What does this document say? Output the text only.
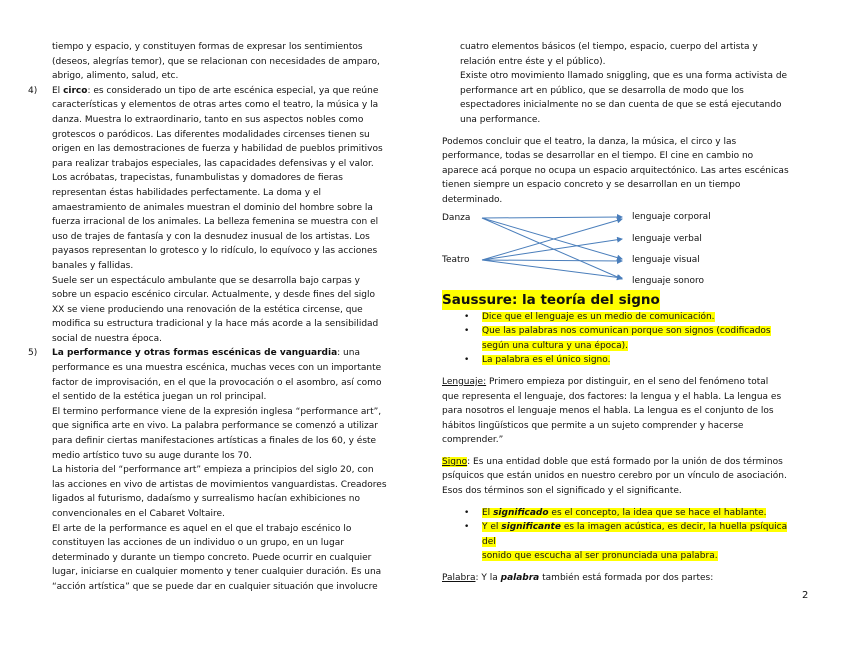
tiempo y espacio, y constituyen formas de expresar los sentimientos

(deseos, alegrías temor), que se relacionan con necesidades de amparo,

abrigo, alimento, salud, etc.

4) El circo: es considerado un tipo de arte escénica especial, ya que reúne

características y elementos de otras artes como el teatro, la música y la

danza. Muestra lo extraordinario, tanto en sus aspectos nobles como

grotescos o paródicos. Las diferentes modalidades circenses tienen su

origen en las demostraciones de fuerza y habilidad de pueblos primitivos

para realizar trabajos especiales, las capacidades defensivas y el valor.

Los acróbatas, trapecistas, funambulistas y domadores de fieras

representan éstas habilidades perfectamente. La doma y el

amaestramiento de animales muestran el dominio del hombre sobre la

fuerza irracional de los animales. La belleza femenina se muestra con el

uso de trajes de fantasía y con la desnudez inusual de los artistas. Los

payasos representan lo grotesco y lo ridículo, lo equívoco y las acciones

banales y fallidas.

Suele ser un espectáculo ambulante que se desarrolla bajo carpas y

sobre un espacio escénico circular. Actualmente, y desde fines del siglo

XX se viene produciendo una renovación de la estética circense, que

modifica su estructura tradicional y la hace más acorde a la sensibilidad

social de nuestra época.

5) La performance y otras formas escénicas de vanguardia: una

performance es una muestra escénica, muchas veces con un importante

factor de improvisación, en el que la provocación o el asombro, así como

el sentido de la estética juegan un rol principal.

El termino performance viene de la expresión inglesa “performance art”,

que significa arte en vivo. La palabra performance se comenzó a utilizar

para definir ciertas manifestaciones artísticas a finales de los 60, y éste

medio artístico tuvo su auge durante los 70.

La historia del “performance art” empieza a principios del siglo 20, con

las acciones en vivo de artistas de movimientos vanguardistas. Creadores

ligados al futurismo, dadaísmo y surrealismo hacían exhibiciones no

convencionales en el Cabaret Voltaire.

El arte de la performance es aquel en el que el trabajo escénico lo

constituyen las acciones de un individuo o un grupo, en un lugar

determinado y durante un tiempo concreto. Puede ocurrir en cualquier

lugar, iniciarse en cualquier momento y tener cualquier duración. Es una

“acción artística” que se puede dar en cualquier situación que involucre

cuatro elementos básicos (el tiempo, espacio, cuerpo del artista y

relación entre éste y el público).

Existe otro movimiento llamado sniggling, que es una forma activista de

performance art en público, que se desarrolla de modo que los

espectadores inicialmente no se dan cuenta de que se está ejecutando

una performance.

Podemos concluir que el teatro, la danza, la música, el circo y las

performance, todas se desarrollar en el tiempo. El cine en cambio no

aparece acá porque no ocupa un espacio arquitectónico. Las artes escénicas

tienen siempre un espacio concreto y se desarrollan en un tiempo

determinado.

Danza
Teatro
lenguaje corporal
lenguaje verbal
lenguaje visual
lenguaje sonoro
Saussure: la teoría del signo
• Dice que el lenguaje es un medio de comunicación.
• Que las palabras nos comunican porque son signos (codificados
según una cultura y una época).
• La palabra es el único signo.

Lenguaje: Primero empieza por distinguir, en el seno del fenómeno total

que representa el lenguaje, dos factores: la lengua y el habla. La lengua es

para nosotros el lenguaje menos el habla. La lengua es el conjunto de los

hábitos lingüísticos que permite a un sujeto comprender y hacerse

comprender.”

Signo: Es una entidad doble que está formado por la unión de dos términos

psíquicos que están unidos en nuestro cerebro por un vínculo de asociación.

Esos dos términos son el significado y el significante.

• El significado es el concepto, la idea que se hace el hablante.
• Y el significante es la imagen acústica, es decir, la huella psíquica del
sonido que escucha al ser pronunciada una palabra.

Palabra: Y la palabra también está formada por dos partes:

2
